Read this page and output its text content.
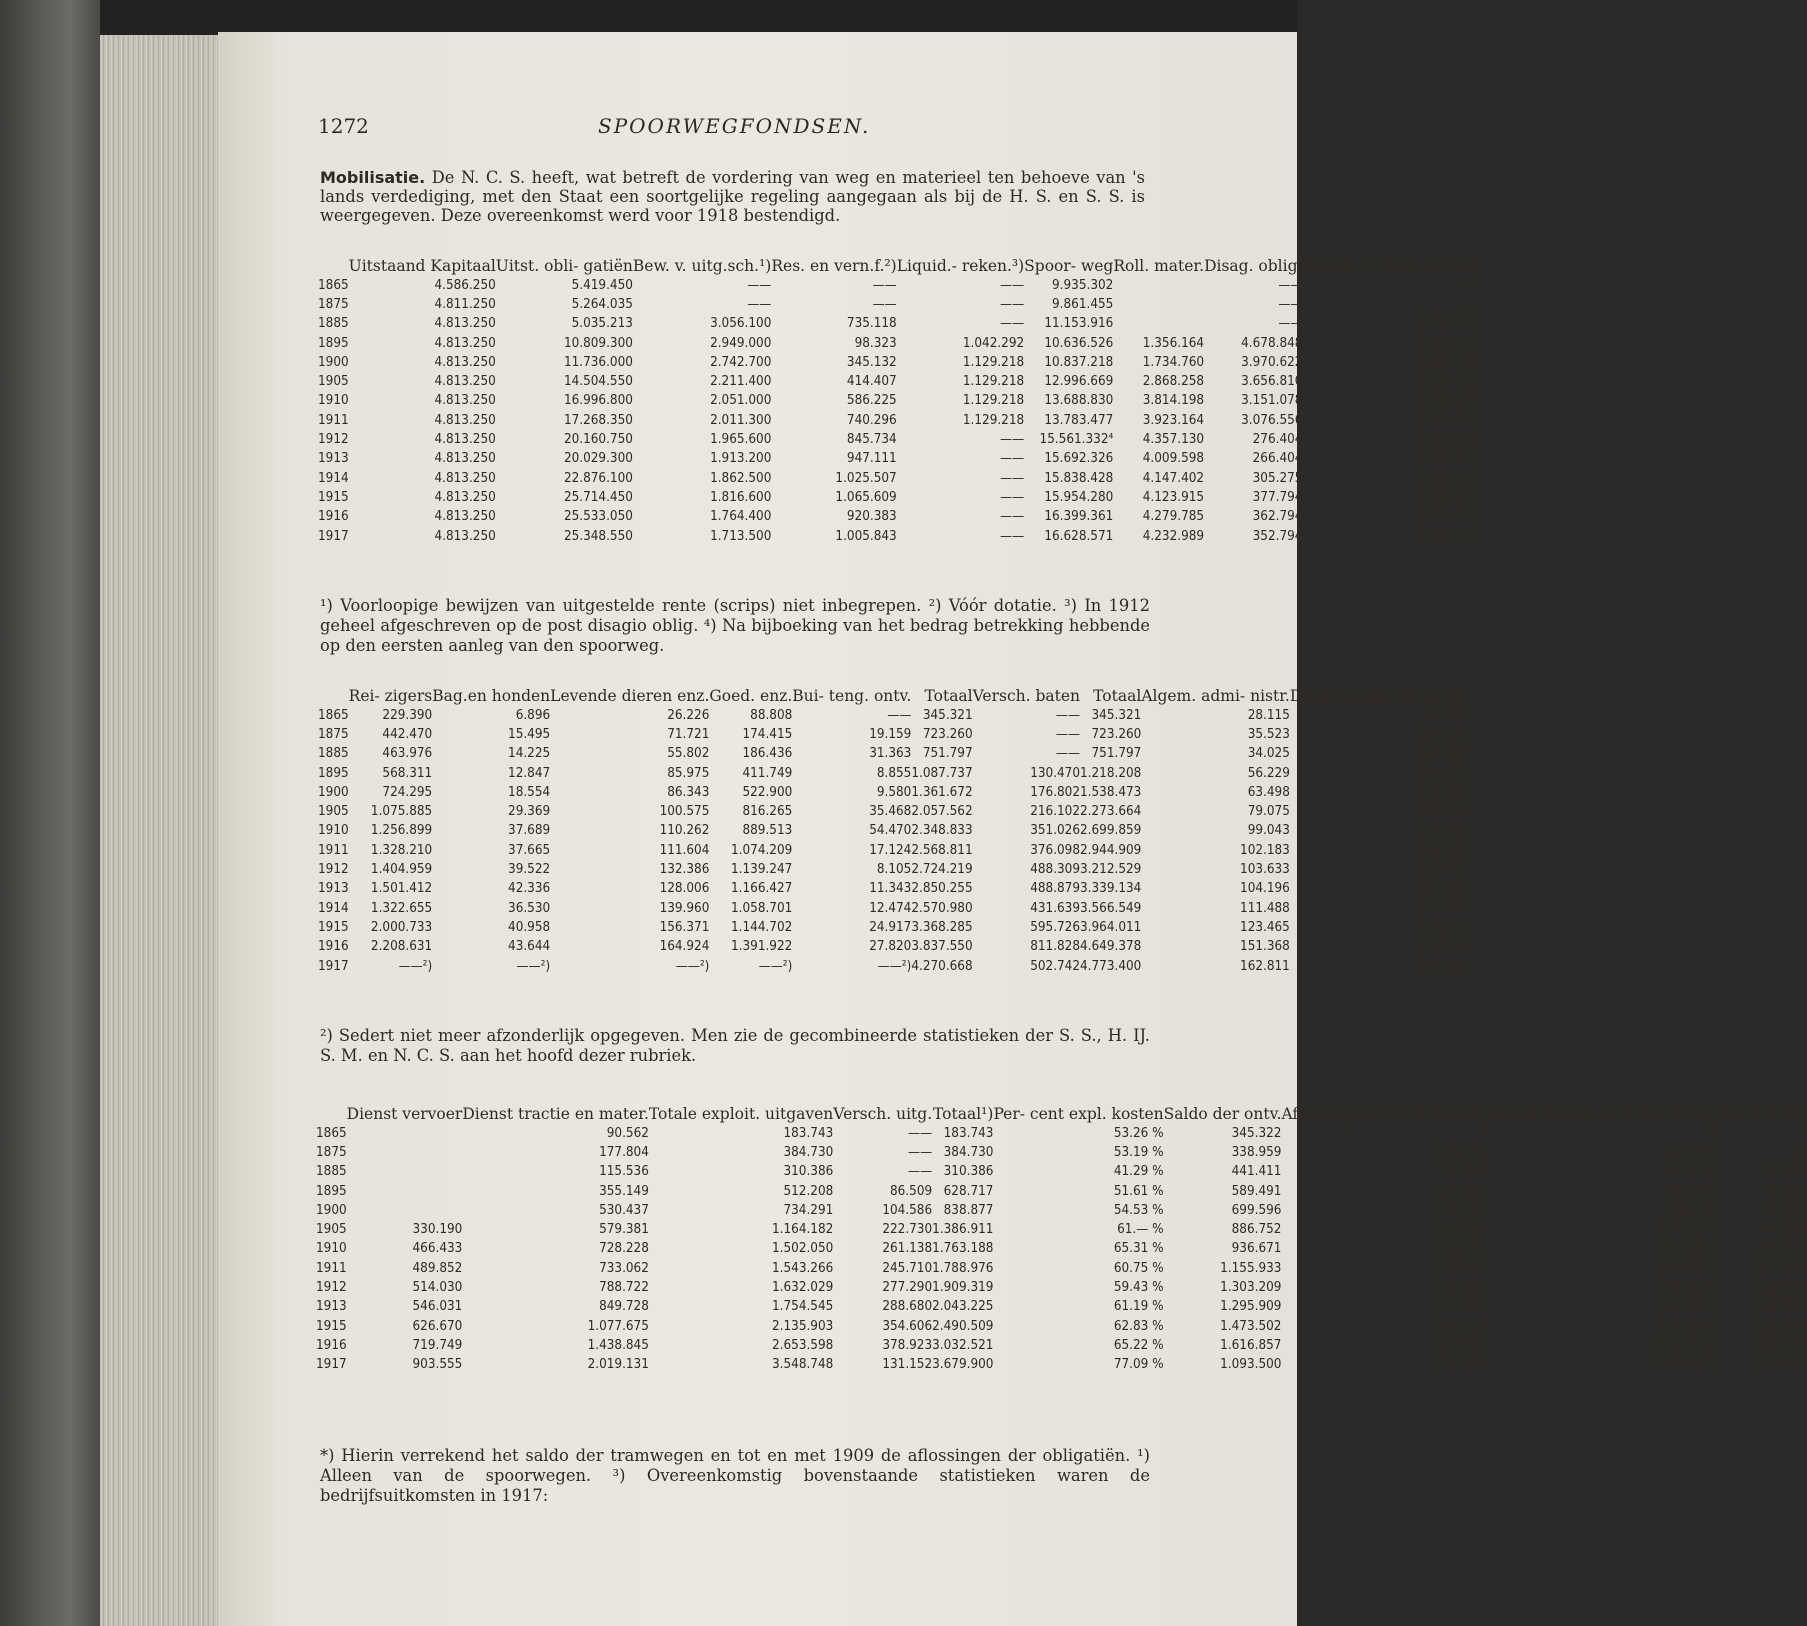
1272	SPOORWEGFONDSEN.
Mobilisatie. De N. C. S. heeft, wat betreft de vordering van weg en materieel ten behoeve van 's lands verdediging, met den Staat een soortgelijke regeling aangegaan als bij de H. S. en S. S. is weergegeven. Deze overeenkomst werd voor 1918 bestendigd.
	Uitstaand Kapitaal	Uitst. obli- gatiën	Bew. v. uitg.sch.¹)	Res. en vern.f.²)	Liquid.- reken.³)	Spoor- weg	Roll. mater.	Disag. oblig.	Reken. uitgest. schuld
1865	4.586.250	5.419.450	——	——	——	9.935.302		——	——
1875	4.811.250	5.264.035	——	——	——	9.861.455		——	——
1885	4.813.250	5.035.213	3.056.100	735.118	——	11.153.916		——	3.056.100
1895	4.813.250	10.809.300	2.949.000	98.323	1.042.292	10.636.526	1.356.164	4.678.848	2.949.000
1900	4.813.250	11.736.000	2.742.700	345.132	1.129.218	10.837.218	1.734.760	3.970.622	2.777.613
1905	4.813.250	14.504.550	2.211.400	414.407	1.129.218	12.996.669	2.868.258	3.656.810	2.236.910
1910	4.813.250	16.996.800	2.051.000	586.225	1.129.218	13.688.830	3.814.198	3.151.078	2.069.605
1911	4.813.250	17.268.350	2.011.300	740.296	1.129.218	13.783.477	3.923.164	3.076.556	2.029.503
1912	4.813.250	20.160.750	1.965.600	845.734	——	15.561.332⁴	4.357.130	276.404	1.983.401
1913	4.813.250	20.029.300	1.913.200	947.111	——	15.692.326	4.009.598	266.404	1.930.801
1914	4.813.250	22.876.100	1.862.500	1.025.507	——	15.838.428	4.147.402	305.275	1.880.101
1915	4.813.250	25.714.450	1.816.600	1.065.609	——	15.954.280	4.123.915	377.794	1.834.201
1916	4.813.250	25.533.050	1.764.400	920.383	——	16.399.361	4.279.785	362.794	1.781.590
1917	4.813.250	25.348.550	1.713.500	1.005.843	——	16.628.571	4.232.989	352.794	1.730.590
¹) Voorloopige bewijzen van uitgestelde rente (scrips) niet inbegrepen. ²) Vóór dotatie. ³) In 1912 geheel afgeschreven op de post disagio oblig. ⁴) Na bijboeking van het bedrag betrekking hebbende op den eersten aanleg van den spoorweg.
	Rei- zigers	Bag.en honden	Levende dieren enz.	Goed. enz.	Bui- teng. ontv.	Totaal	Versch. baten	Totaal	Algem. admi- nistr.	Dienst v. weg en werk.
1865	229.390	6.896	26.226	88.808	——	345.321	——	345.321	28.115	63.557
1875	442.470	15.495	71.721	174.415	19.159	723.260	——	723.260	35.523	157.104
1885	463.976	14.225	55.802	186.436	31.363	751.797	——	751.797	34.025	153.328
1895	568.311	12.847	85.975	411.749	8.855	1.087.737	130.470	1.218.208	56.229	130.831
1900	724.295	18.554	86.343	522.900	9.580	1.361.672	176.802	1.538.473	63.498	140.356
1905	1.075.885	29.369	100.575	816.265	35.468	2.057.562	216.102	2.273.664	79.075	175.536
1910	1.256.899	37.689	110.262	889.513	54.470	2.348.833	351.026	2.699.859	99.043	208.346
1911	1.328.210	37.665	111.604	1.074.209	17.124	2.568.811	376.098	2.944.909	102.183	218.170
1912	1.404.959	39.522	132.386	1.139.247	8.105	2.724.219	488.309	3.212.529	103.633	225.645
1913	1.501.412	42.336	128.006	1.166.427	11.343	2.850.255	488.879	3.339.134	104.196	254.589
1914	1.322.655	36.530	139.960	1.058.701	12.474	2.570.980	431.639	3.566.549	111.488	266.730
1915	2.000.733	40.958	156.371	1.144.702	24.917	3.368.285	595.726	3.964.011	123.465	308.093
1916	2.208.631	43.644	164.924	1.391.922	27.820	3.837.550	811.828	4.649.378	151.368	343.636
1917	——²)	——²)	——²)	——²)	——²)	4.270.668	502.742	4.773.400	162.811	463.252
²) Sedert niet meer afzonderlijk opgegeven. Men zie de gecombineerde statistieken der S. S., H. IJ. S. M. en N. C. S. aan het hoofd dezer rubriek.
	Dienst vervoer	Dienst tractie en mater.	Totale exploit. uitgaven	Versch. uitg.	Totaal¹)	Per- cent expl. kosten	Saldo der ontv.	Af- schrijv en bijdr. vern.f.	Dienst d. leen. en huur v.spw.	Saldo winst
1865		90.562	183.743	——	183.743	53.26 %	345.322	?	?	?
1875		177.804	384.730	——	384.730	53.19 %	338.959	186.661	150.740	66
1885		115.536	310.386	——	310.386	41.29 %	441.411	62.731	354.563	24.025
1895		355.149	512.208	86.509	628.717	51.61 %	589.491	128.180	382.450	78.860
1900		530.437	734.291	104.586	838.877	54.53 %	699.596	194.000	415.210	90.386
1905	330.190	579.381	1.164.182	222.730	1.386.911	61.— %	886.752	140.928	654.919*	90.905
1910	466.433	728.228	1.502.050	261.138	1.763.188	65.31 %	936.671	161.600	684.120*	90.950
1911	489.852	733.062	1.543.266	245.710	1.788.976	60.75 %	1.155.933	363.200	688.544*	104.189
1912	514.030	788.722	1.632.029	277.290	1.909.319	59.43 %	1.303.209	398.359	787.516*	117.334
1913	546.031	849.728	1.754.545	288.680	2.043.225	61.19 %	1.295.909	366.793	811.734*	117.381
1915	626.670	1.077.675	2.135.903	354.606	2.490.509	62.83 %	1.473.502	367.313	987.233*	118.955
1916	719.749	1.438.845	2.653.598	378.923	3.032.521	65.22 %	1.616.857	370.784	1.131.016*	115.057
1917	903.555	2.019.131	3.548.748	131.152	3.679.900	77.09 %	1.093.500	361.168	1.119.925*	105.651
*) Hierin verrekend het saldo der tramwegen en tot en met 1909 de aflossingen der obligatiën. ¹) Alleen van de spoorwegen. ³) Overeenkomstig bovenstaande statistieken waren de bedrijfsuitkomsten in 1917:
